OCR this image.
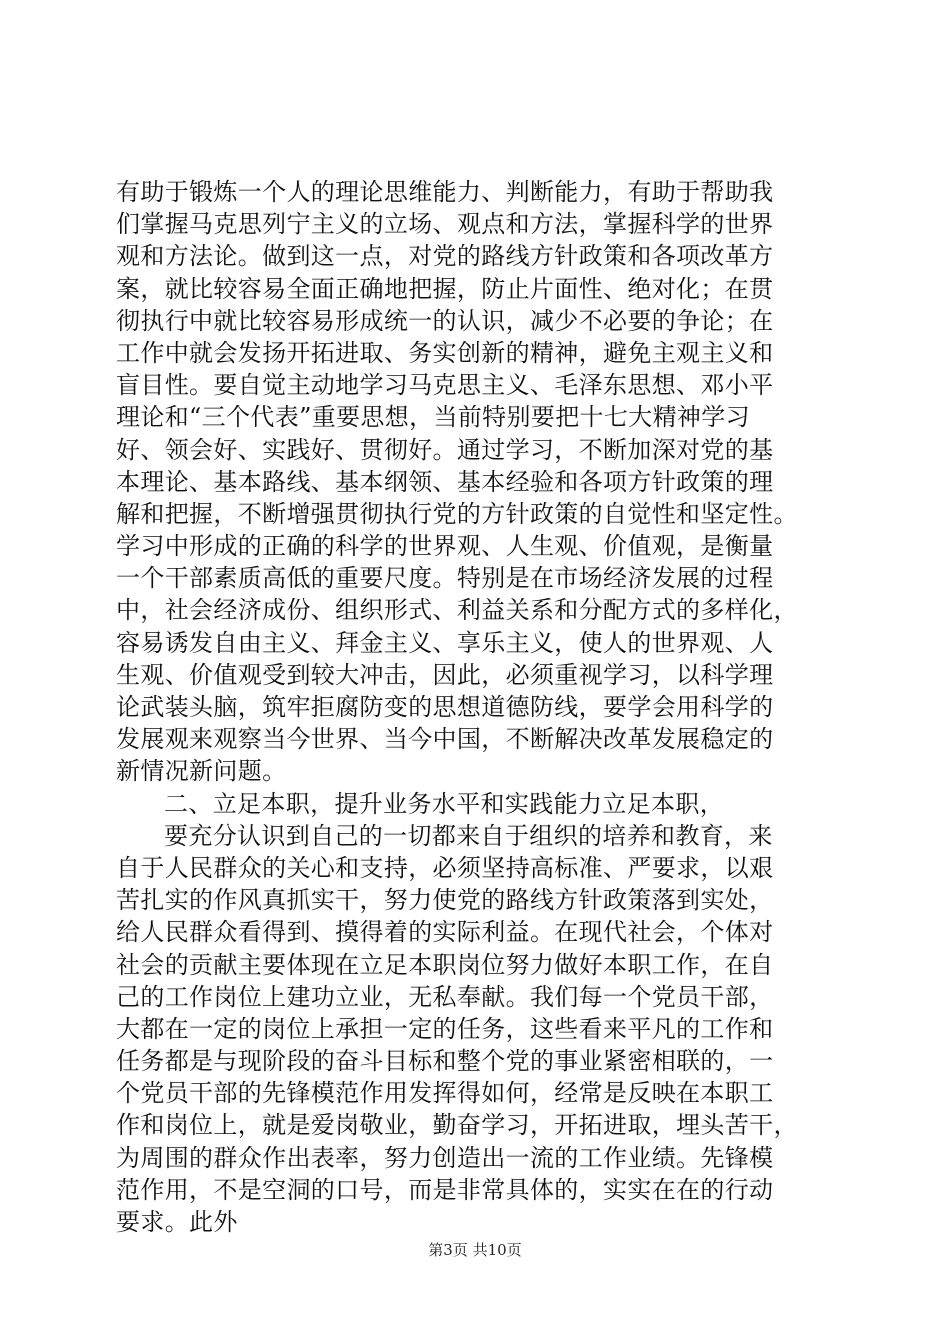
有助于锻炼一个人的理论思维能力、判断能力，有助于帮助我
们掌握马克思列宁主义的立场、观点和方法，掌握科学的世界
观和方法论。做到这一点，对党的路线方针政策和各项改革方
案，就比较容易全面正确地把握，防止片面性、绝对化；在贯
彻执行中就比较容易形成统一的认识，减少不必要的争论；在
工作中就会发扬开拓进取、务实创新的精神，避免主观主义和
盲目性。要自觉主动地学习马克思主义、毛泽东思想、邓小平
理论和“三个代表”重要思想，当前特别要把十七大精神学习
好、领会好、实践好、贯彻好。通过学习，不断加深对党的基
本理论、基本路线、基本纲领、基本经验和各项方针政策的理
解和把握，不断增强贯彻执行党的方针政策的自觉性和坚定性。
学习中形成的正确的科学的世界观、人生观、价值观，是衡量
一个干部素质高低的重要尺度。特别是在市场经济发展的过程
中，社会经济成份、组织形式、利益关系和分配方式的多样化，
容易诱发自由主义、拜金主义、享乐主义，使人的世界观、人
生观、价值观受到较大冲击，因此，必须重视学习，以科学理
论武装头脑，筑牢拒腐防变的思想道德防线，要学会用科学的
发展观来观察当今世界、当今中国，不断解决改革发展稳定的
新情况新问题。
二、立足本职，提升业务水平和实践能力立足本职，
要充分认识到自己的一切都来自于组织的培养和教育，来
自于人民群众的关心和支持，必须坚持高标准、严要求，以艰
苦扎实的作风真抓实干，努力使党的路线方针政策落到实处，
给人民群众看得到、摸得着的实际利益。在现代社会，个体对
社会的贡献主要体现在立足本职岗位努力做好本职工作，在自
己的工作岗位上建功立业，无私奉献。我们每一个党员干部，
大都在一定的岗位上承担一定的任务，这些看来平凡的工作和
任务都是与现阶段的奋斗目标和整个党的事业紧密相联的，一
个党员干部的先锋模范作用发挥得如何，经常是反映在本职工
作和岗位上，就是爱岗敬业，勤奋学习，开拓进取，埋头苦干，
为周围的群众作出表率，努力创造出一流的工作业绩。先锋模
范作用，不是空洞的口号，而是非常具体的，实实在在的行动
要求。此外
第3页 共10页
